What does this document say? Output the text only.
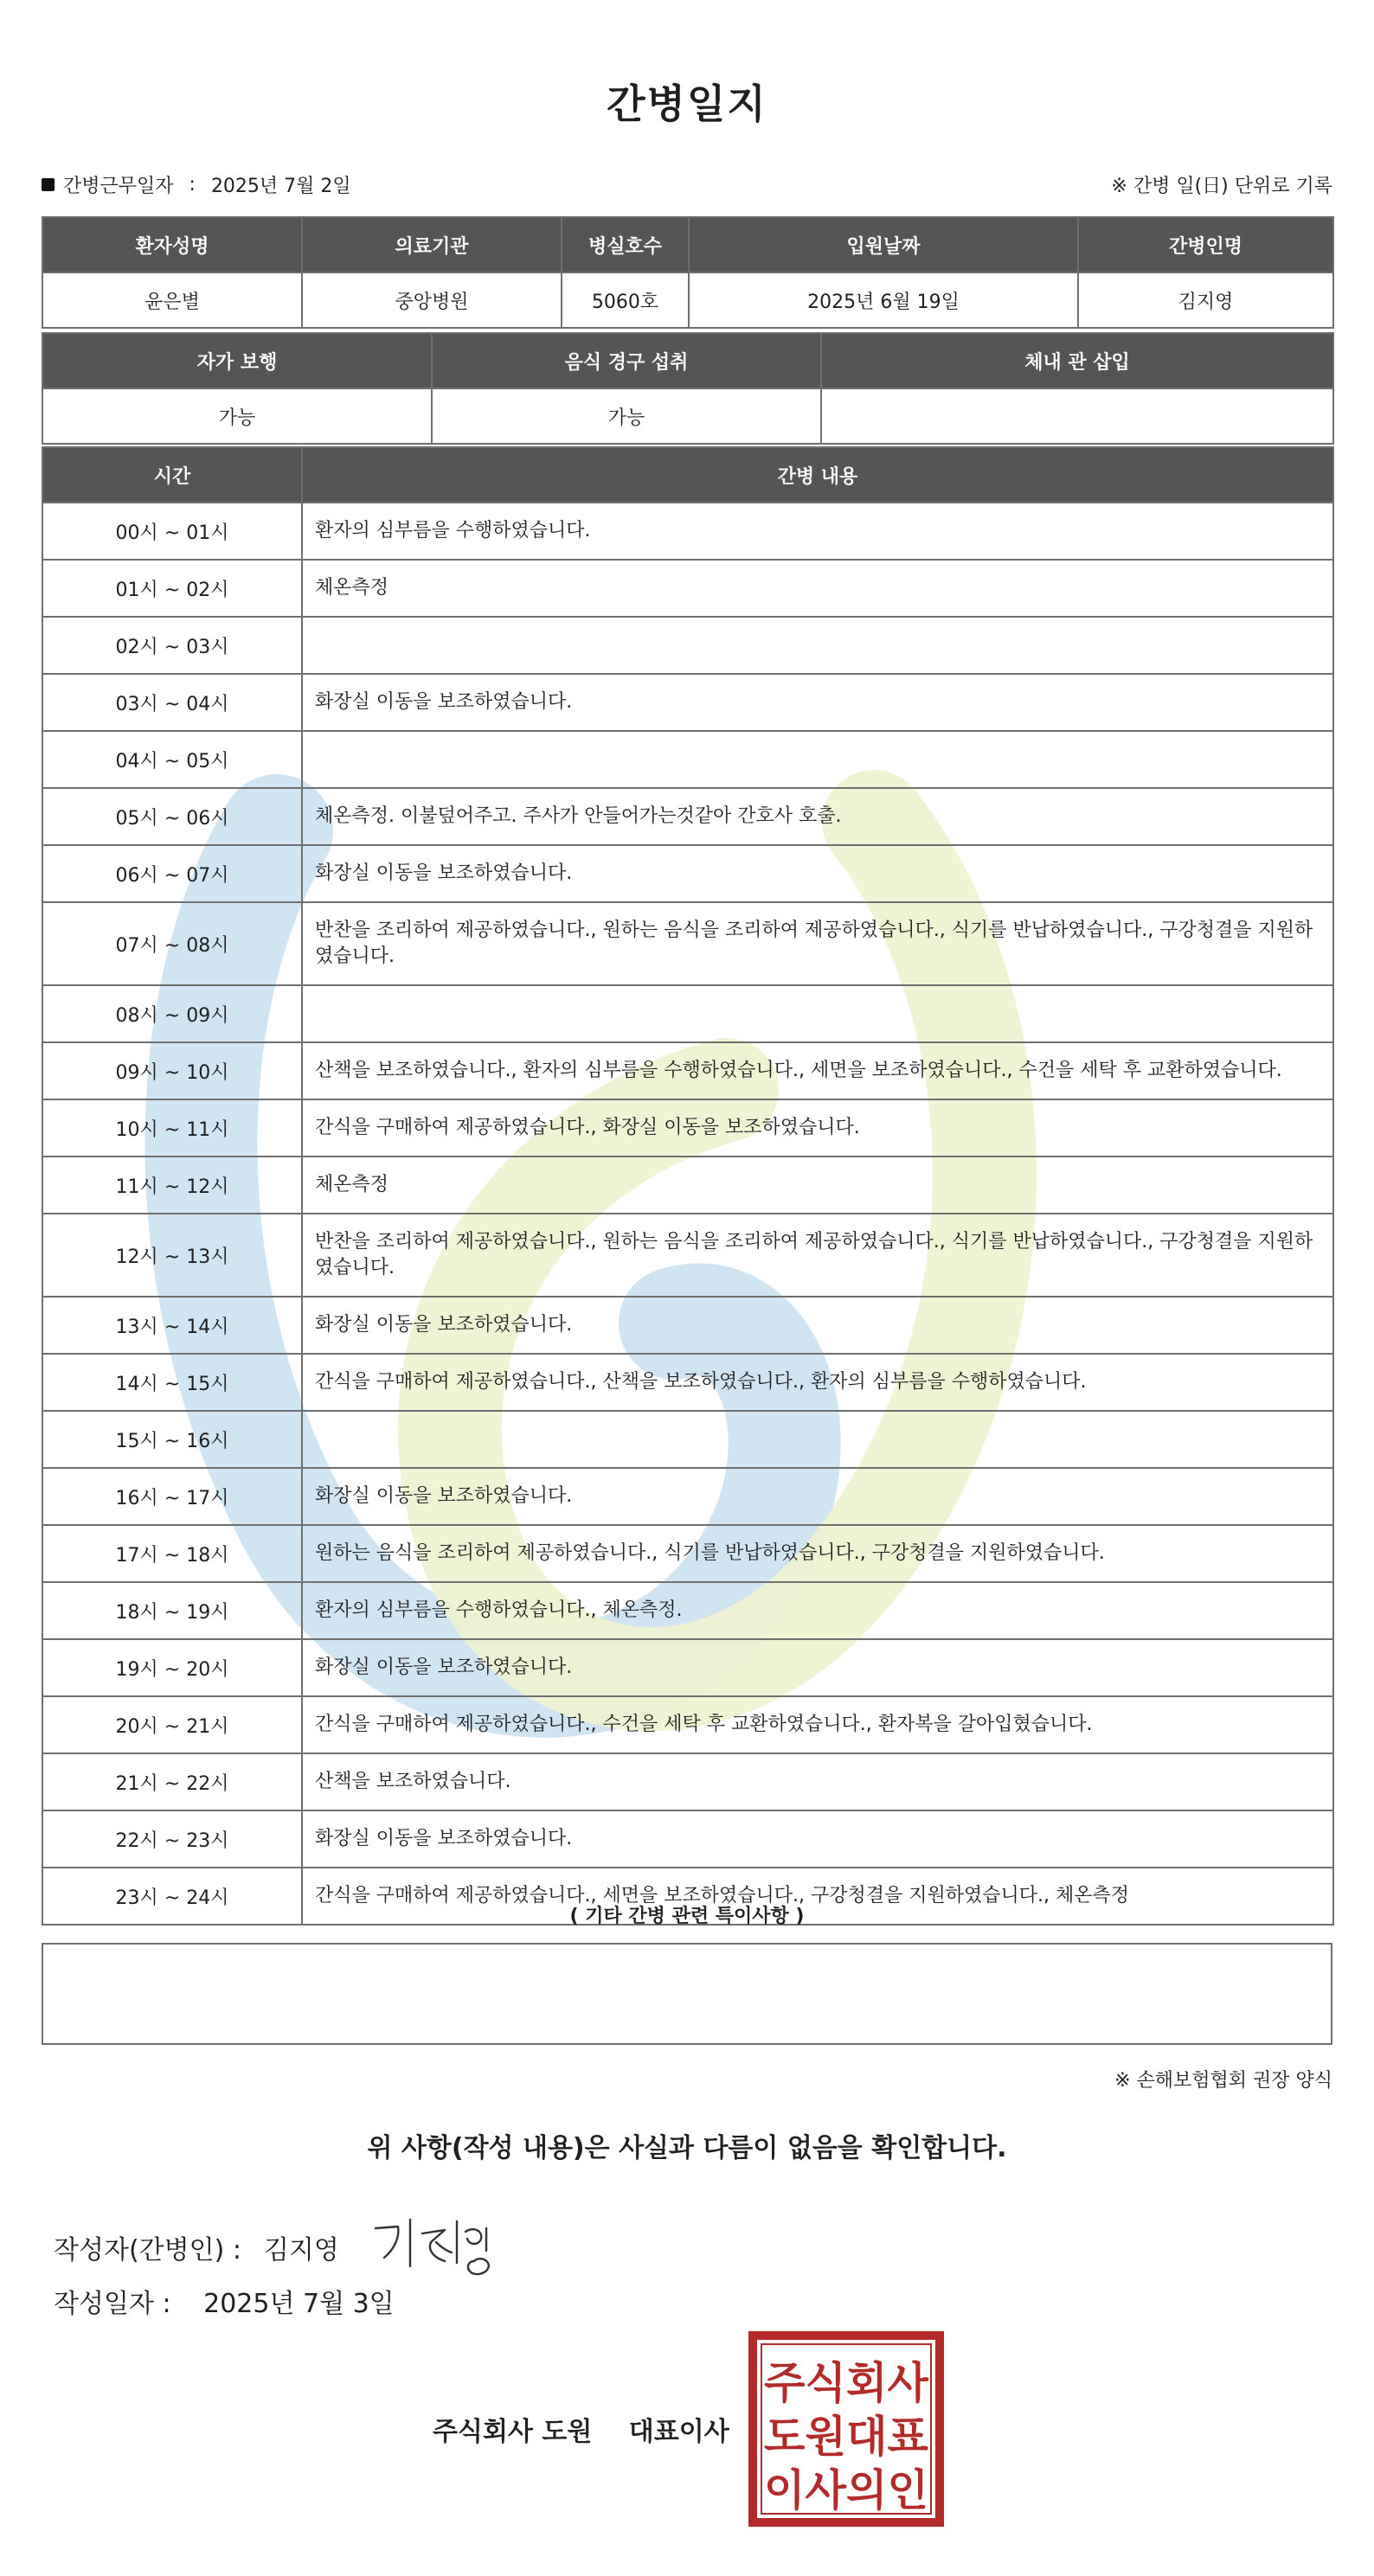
간병일지
간병근무일자 : 2025년 7월 2일	※ 간병 일(日) 단위로 기록
환자성명	의료기관	병실호수	입원날짜	간병인명
윤은별	중앙병원	5060호	2025년 6월 19일	김지영
자가 보행	음식 경구 섭취	체내 관 삽입
가능	가능	
시간	간병 내용
00시 ~ 01시	환자의 심부름을 수행하였습니다.
01시 ~ 02시	체온측정
02시 ~ 03시	
03시 ~ 04시	화장실 이동을 보조하였습니다.
04시 ~ 05시	
05시 ~ 06시	체온측정. 이불덮어주고. 주사가 안들어가는것같아 간호사 호출.
06시 ~ 07시	화장실 이동을 보조하였습니다.
07시 ~ 08시	반찬을 조리하여 제공하였습니다., 원하는 음식을 조리하여 제공하였습니다., 식기를 반납하였습니다., 구강청결을 지원하였습니다.
08시 ~ 09시	
09시 ~ 10시	산책을 보조하였습니다., 환자의 심부름을 수행하였습니다., 세면을 보조하였습니다., 수건을 세탁 후 교환하였습니다.
10시 ~ 11시	간식을 구매하여 제공하였습니다., 화장실 이동을 보조하였습니다.
11시 ~ 12시	체온측정
12시 ~ 13시	반찬을 조리하여 제공하였습니다., 원하는 음식을 조리하여 제공하였습니다., 식기를 반납하였습니다., 구강청결을 지원하였습니다.
13시 ~ 14시	화장실 이동을 보조하였습니다.
14시 ~ 15시	간식을 구매하여 제공하였습니다., 산책을 보조하였습니다., 환자의 심부름을 수행하였습니다.
15시 ~ 16시	
16시 ~ 17시	화장실 이동을 보조하였습니다.
17시 ~ 18시	원하는 음식을 조리하여 제공하였습니다., 식기를 반납하였습니다., 구강청결을 지원하였습니다.
18시 ~ 19시	환자의 심부름을 수행하였습니다., 체온측정.
19시 ~ 20시	화장실 이동을 보조하였습니다.
20시 ~ 21시	간식을 구매하여 제공하였습니다., 수건을 세탁 후 교환하였습니다., 환자복을 갈아입혔습니다.
21시 ~ 22시	산책을 보조하였습니다.
22시 ~ 23시	화장실 이동을 보조하였습니다.
23시 ~ 24시	간식을 구매하여 제공하였습니다., 세면을 보조하였습니다., 구강청결을 지원하였습니다., 체온측정
( 기타 간병 관련 특이사항 )
※ 손해보험협회 권장 양식
위 사항(작성 내용)은 사실과 다름이 없음을 확인합니다.
작성자(간병인) : 김지영
작성일자 : 2025년 7월 3일
주식회사 도원 대표이사
주식회사
도원대표
이사의인
